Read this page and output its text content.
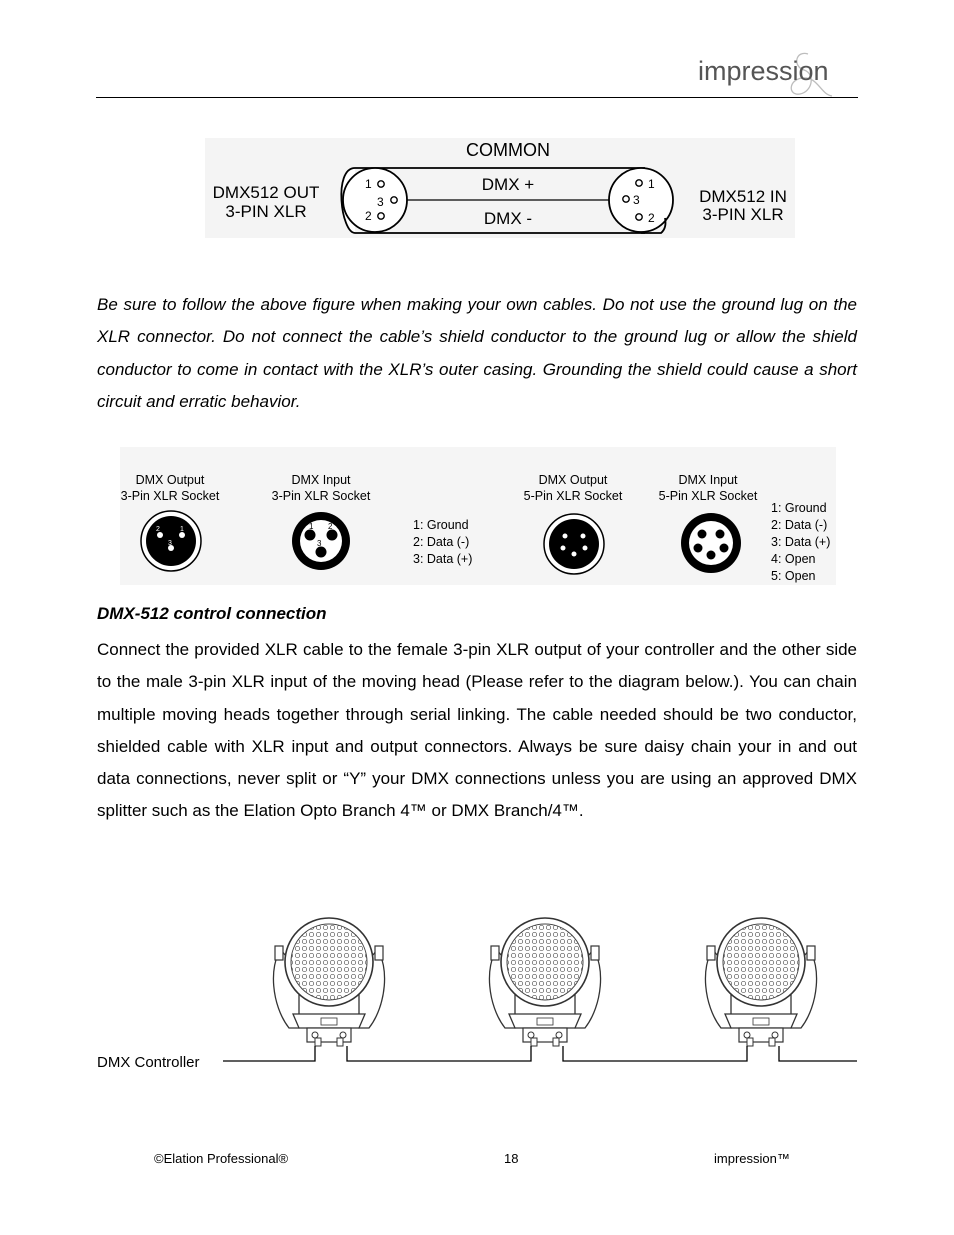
impression
COMMON
1
3
2
1
3
2
DMX +
DMX -
DMX512 OUT
3-PIN XLR
DMX512 IN
3-PIN XLR

Be sure to follow the above figure when making your own cables. Do not use the ground lug on the XLR connector. Do not connect the cable’s shield conductor to the ground lug or allow the shield conductor to come in contact with the XLR’s outer casing. Grounding the shield could cause a short circuit and erratic behavior.

DMX Output
3-Pin XLR Socket
DMX Input
3-Pin XLR Socket
DMX Output
5-Pin XLR Socket
DMX Input
5-Pin XLR Socket
2	1
3
1 2
3
1: Ground
2: Data (-)
3: Data (+)
1: Ground
2: Data (-)
3: Data (+)
4: Open
5: Open

DMX-512 control connection

Connect the provided XLR cable to the female 3-pin XLR output of your controller and the other side to the male 3-pin XLR input of the moving head (Please refer to the diagram below.). You can chain multiple moving heads together through serial linking. The cable needed should be two conductor, shielded cable with XLR input and output connectors. Always be sure daisy chain your in and out data connections, never split or “Y” your DMX connections unless you are using an approved DMX splitter such as the Elation Opto Branch 4™ or DMX Branch/4™.

DMX Controller
©Elation Professional®	18	impression™
